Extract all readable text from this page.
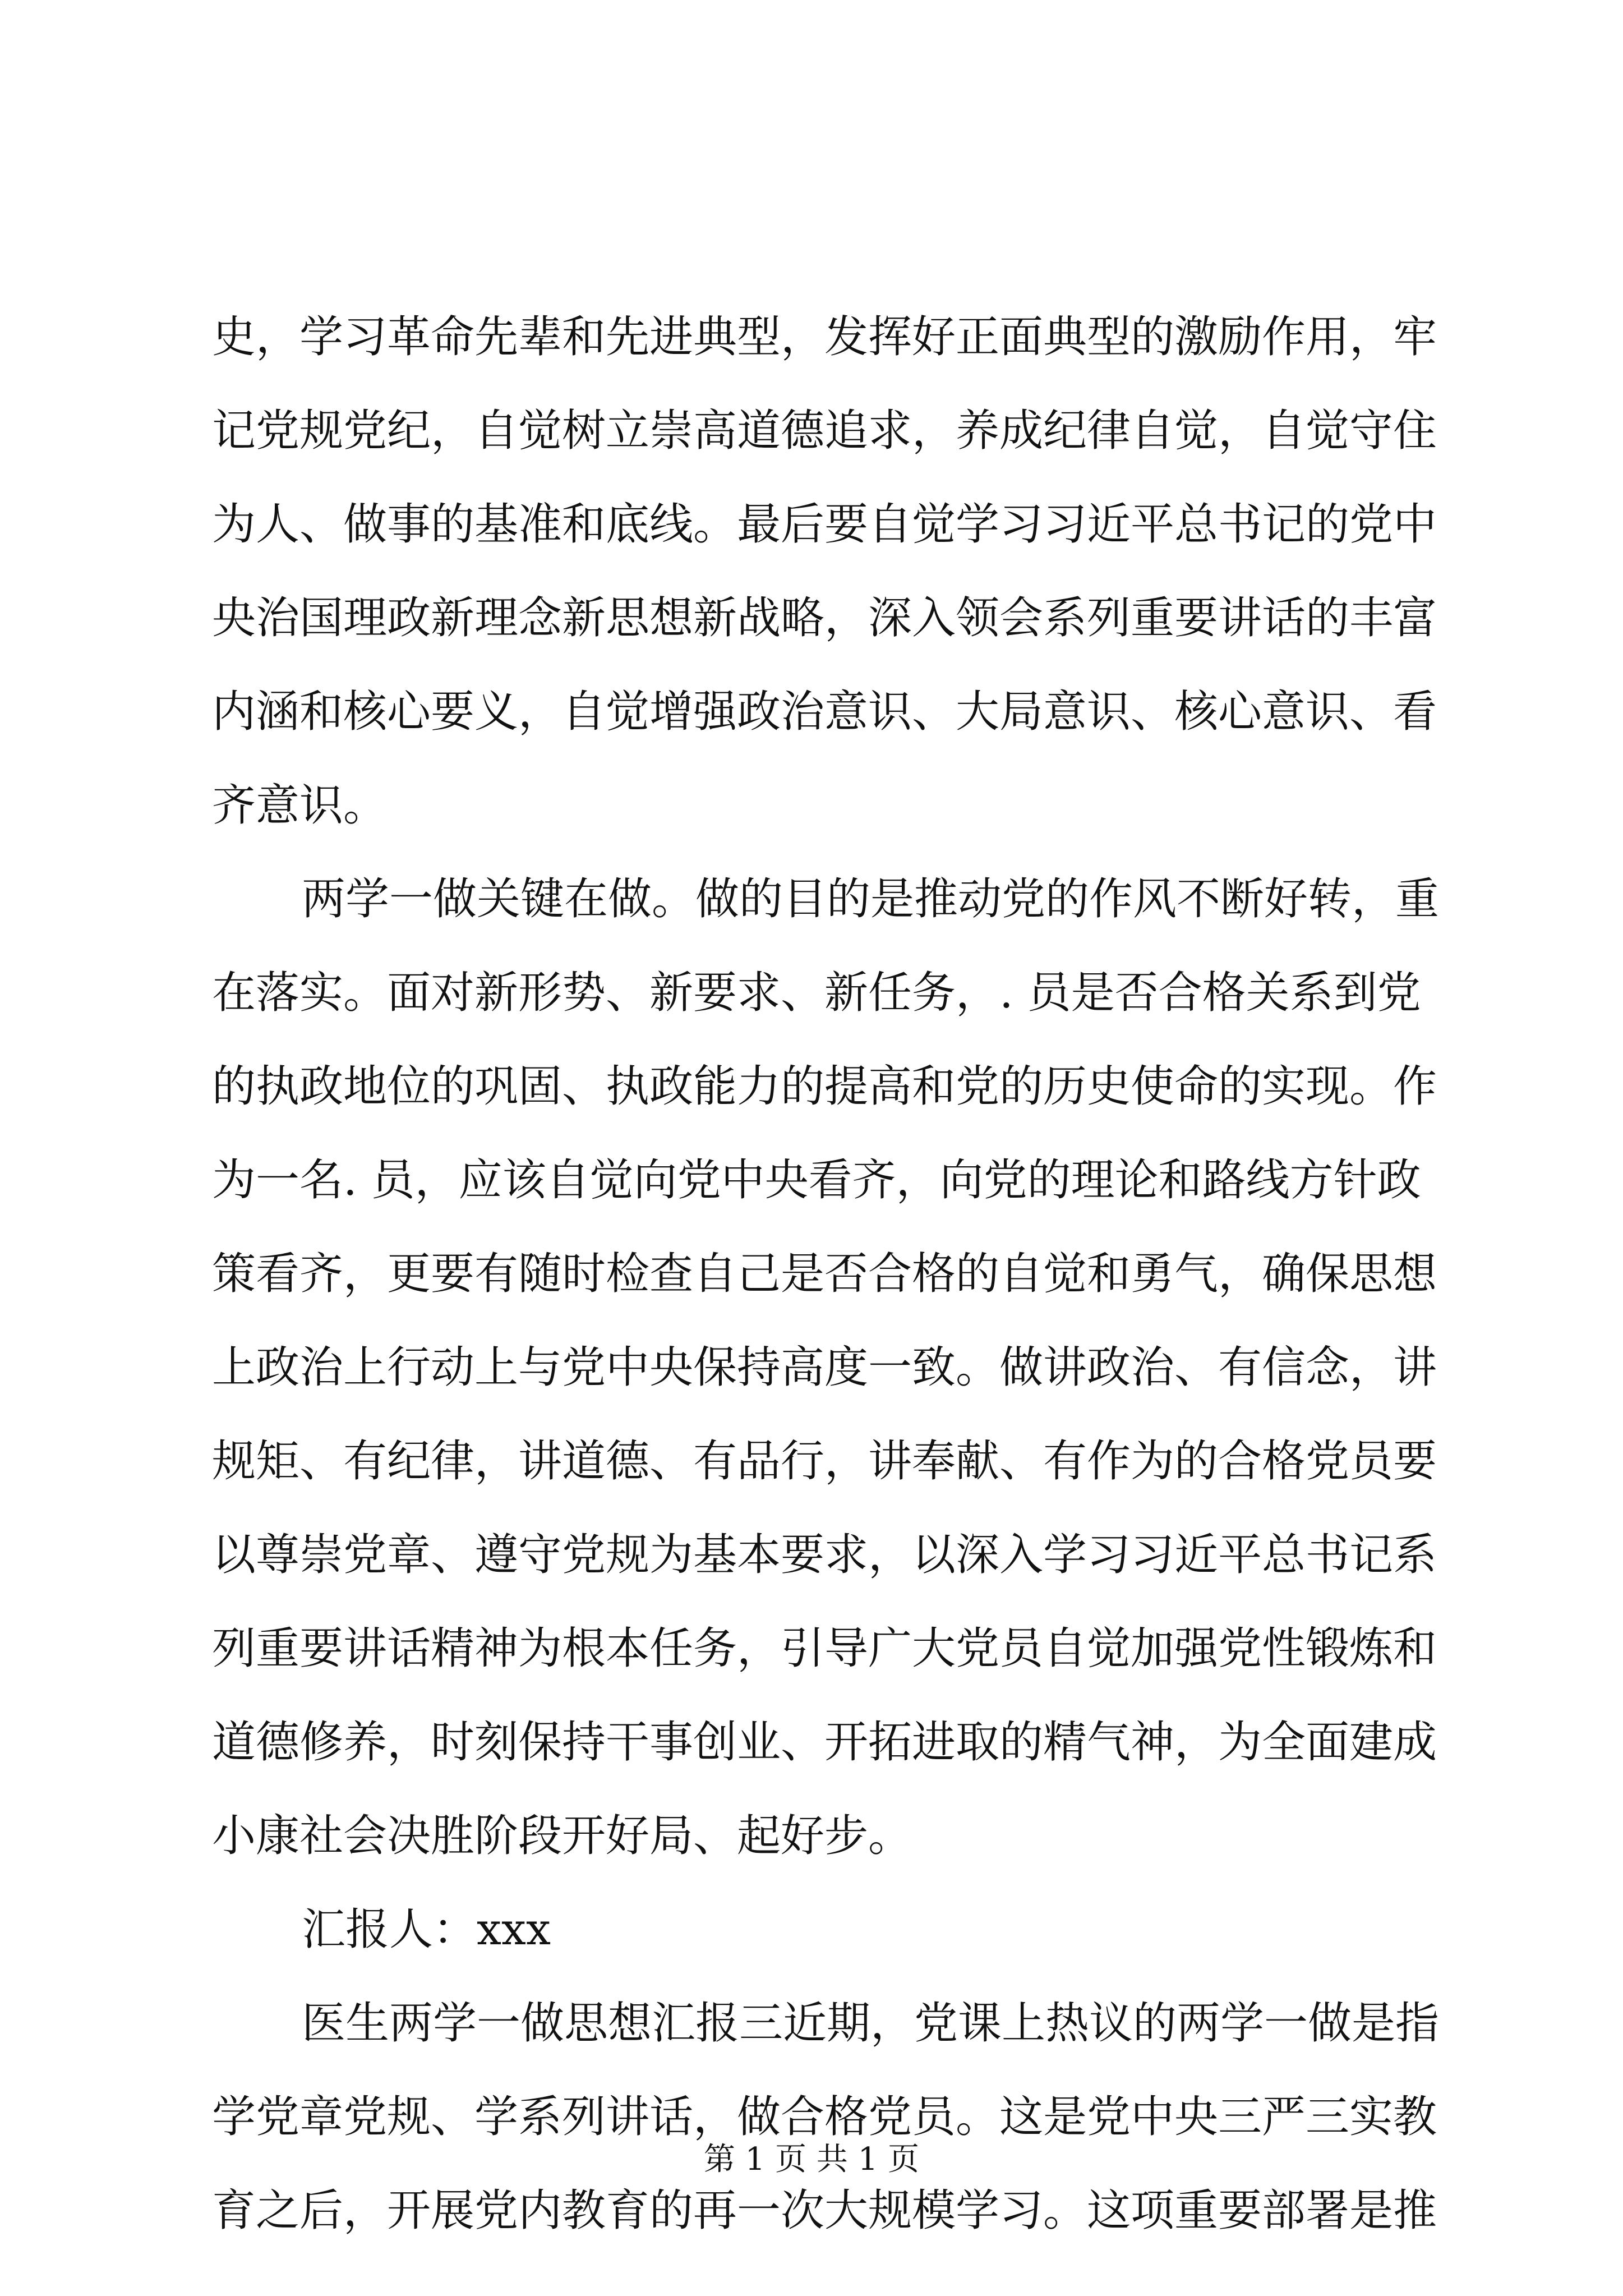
史，学习革命先辈和先进典型，发挥好正面典型的激励作用，牢
记党规党纪，自觉树立崇高道德追求，养成纪律自觉，自觉守住
为人、做事的基准和底线。最后要自觉学习习近平总书记的党中
央治国理政新理念新思想新战略，深入领会系列重要讲话的丰富
内涵和核心要义，自觉增强政治意识、大局意识、核心意识、看
齐意识。
两学一做关键在做。做的目的是推动党的作风不断好转，重
在落实。面对新形势、新要求、新任务，. 员是否合格关系到党
的执政地位的巩固、执政能力的提高和党的历史使命的实现。作
为一名. 员，应该自觉向党中央看齐，向党的理论和路线方针政
策看齐，更要有随时检查自己是否合格的自觉和勇气，确保思想
上政治上行动上与党中央保持高度一致。做讲政治、有信念，讲
规矩、有纪律，讲道德、有品行，讲奉献、有作为的合格党员要
以尊崇党章、遵守党规为基本要求，以深入学习习近平总书记系
列重要讲话精神为根本任务，引导广大党员自觉加强党性锻炼和
道德修养，时刻保持干事创业、开拓进取的精气神，为全面建成
小康社会决胜阶段开好局、起好步。
汇报人：xxx
医生两学一做思想汇报三近期，党课上热议的两学一做是指
学党章党规、学系列讲话，做合格党员。这是党中央三严三实教
育之后，开展党内教育的再一次大规模学习。这项重要部署是推
第 1 页 共 1 页
